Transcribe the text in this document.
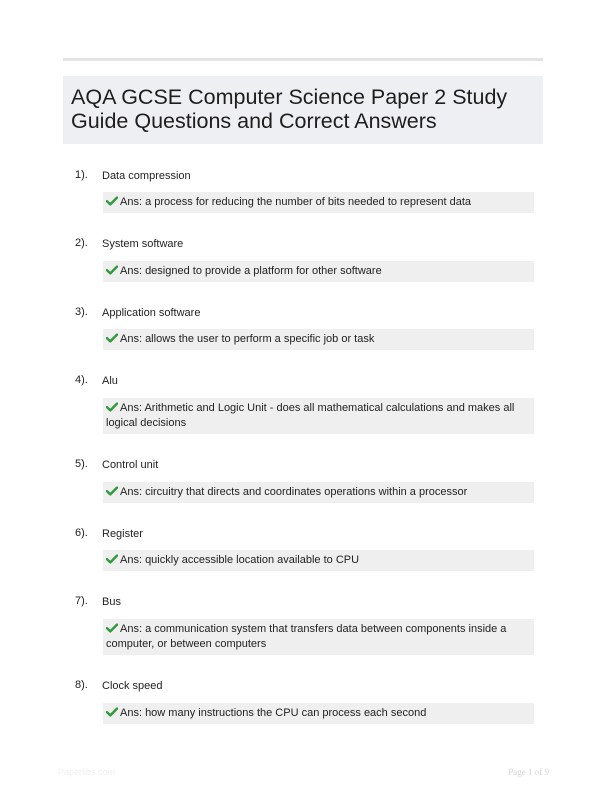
AQA GCSE Computer Science Paper 2 Study Guide Questions and Correct Answers
1). Data compression
Ans: a process for reducing the number of bits needed to represent data
2). System software
Ans: designed to provide a platform for other software
3). Application software
Ans: allows the user to perform a specific job or task
4). Alu
Ans: Arithmetic and Logic Unit - does all mathematical calculations and makes all logical decisions
5). Control unit
Ans: circuitry that directs and coordinates operations within a processor
6). Register
Ans: quickly accessible location available to CPU
7). Bus
Ans: a communication system that transfers data between components inside a computer, or between computers
8). Clock speed
Ans: how many instructions the CPU can process each second
Paperlibs.com	Page 1 of 9
